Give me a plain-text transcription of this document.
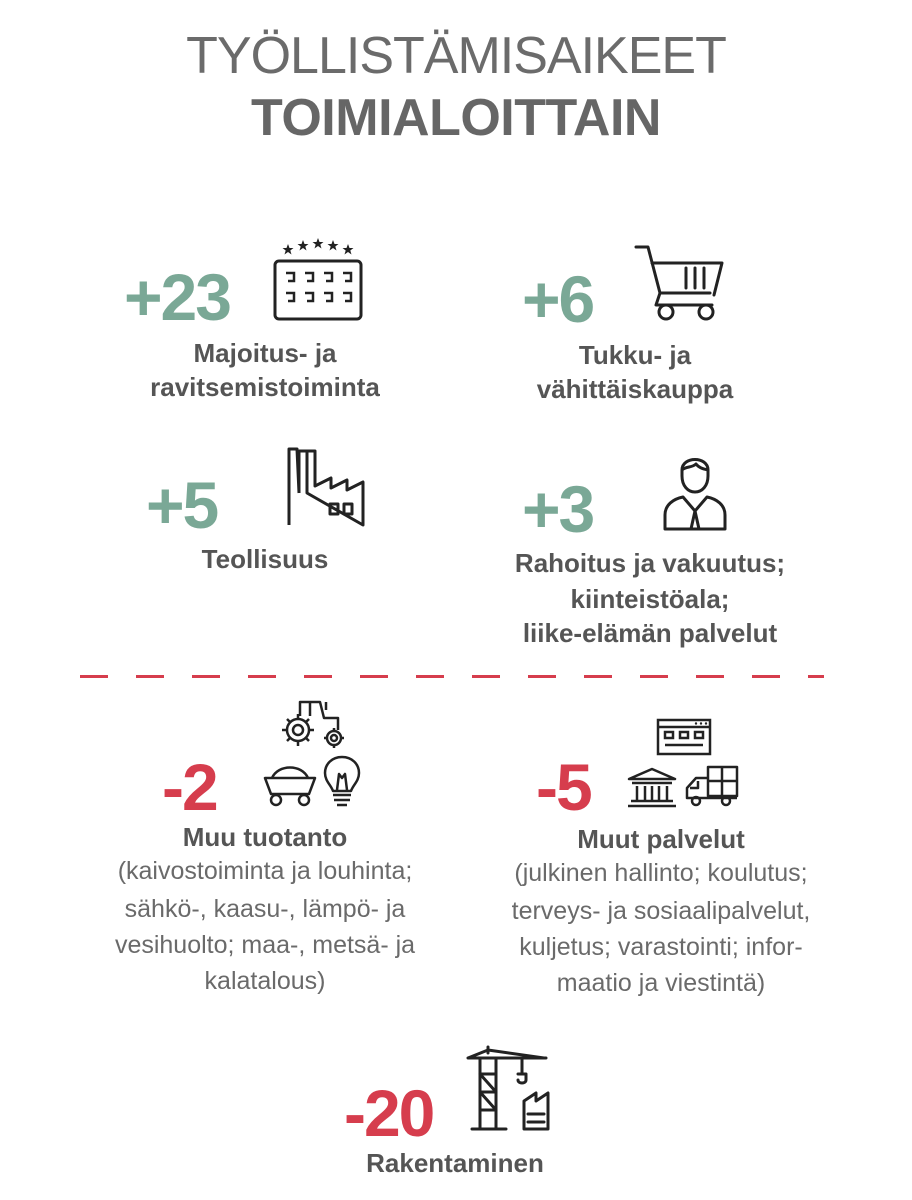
TYÖLLISTÄMISAIKEET
TOIMIALOITTAIN
+23
Majoitus- ja
ravitsemistoiminta
+6
Tukku- ja
vähittäiskauppa
+5
Teollisuus
+3
Rahoitus ja vakuutus;
kiinteistöala;
liike-elämän palvelut
-2
Muu tuotanto
(kaivostoiminta ja louhinta;
sähkö-, kaasu-, lämpö- ja
vesihuolto; maa-, metsä- ja
kalatalous)
-5
Muut palvelut
(julkinen hallinto; koulutus;
terveys- ja sosiaalipalvelut,
kuljetus; varastointi; infor-
maatio ja viestintä)
-20
Rakentaminen
